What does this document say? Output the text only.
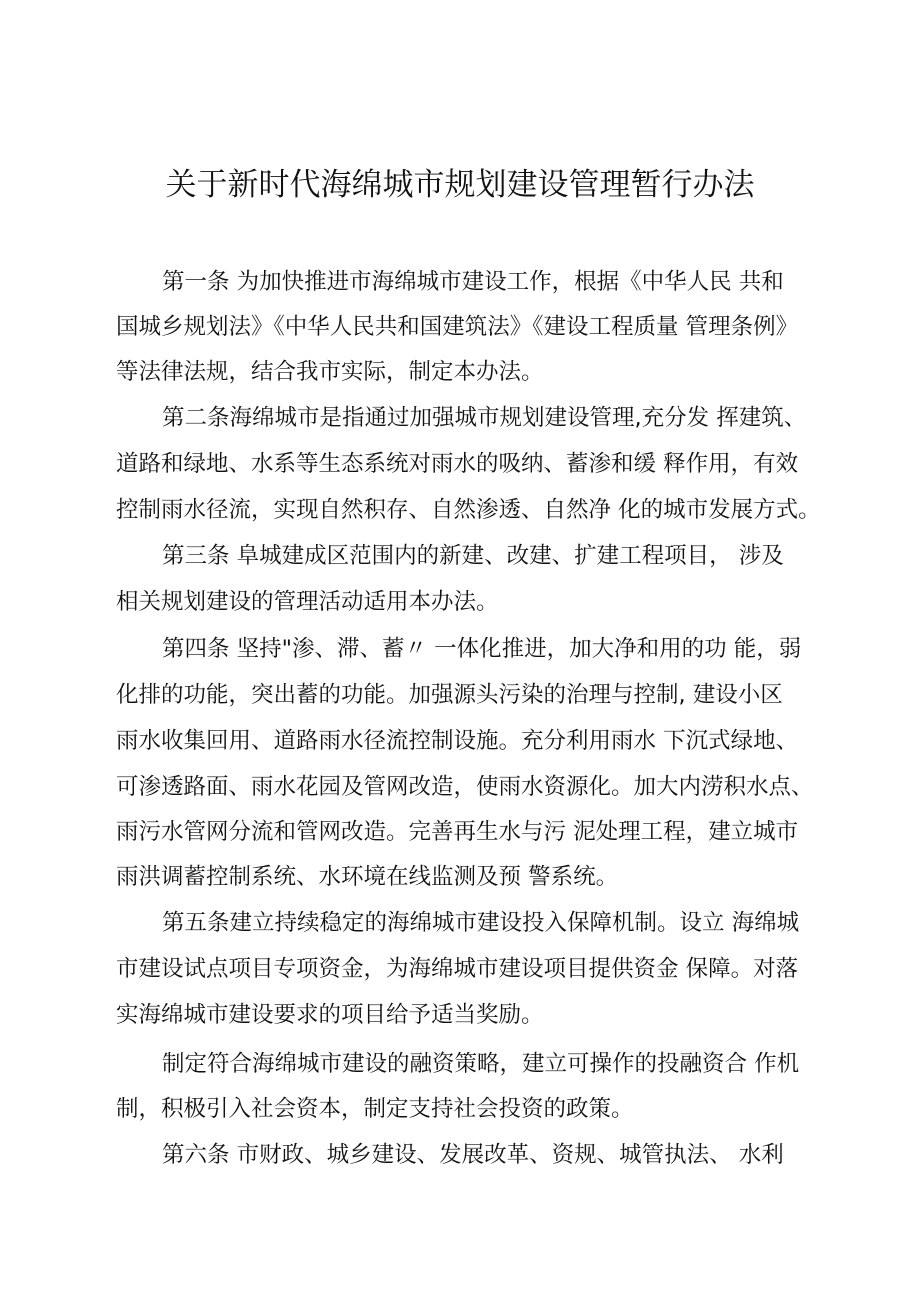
关于新时代海绵城市规划建设管理暂行办法
第一条 为加快推进市海绵城市建设工作，根据《中华人民 共和
国城乡规划法》《中华人民共和国建筑法》《建设工程质量 管理条例》
等法律法规，结合我市实际，制定本办法。
第二条海绵城市是指通过加强城市规划建设管理,充分发 挥建筑、
道路和绿地、水系等生态系统对雨水的吸纳、蓄渗和缓 释作用，有效
控制雨水径流，实现自然积存、自然渗透、自然净 化的城市发展方式。
第三条 阜城建成区范围内的新建、改建、扩建工程项目， 涉及
相关规划建设的管理活动适用本办法。
第四条 坚持"渗、滞、蓄〃 一体化推进，加大净和用的功 能，弱
化排的功能，突出蓄的功能。加强源头污染的治理与控制, 建设小区
雨水收集回用、道路雨水径流控制设施。充分利用雨水 下沉式绿地、
可渗透路面、雨水花园及管网改造，使雨水资源化。加大内涝积水点、
雨污水管网分流和管网改造。完善再生水与污 泥处理工程，建立城市
雨洪调蓄控制系统、水环境在线监测及预 警系统。
第五条建立持续稳定的海绵城市建设投入保障机制。设立 海绵城
市建设试点项目专项资金，为海绵城市建设项目提供资金 保障。对落
实海绵城市建设要求的项目给予适当奖励。
制定符合海绵城市建设的融资策略，建立可操作的投融资合 作机
制，积极引入社会资本，制定支持社会投资的政策。
第六条 市财政、城乡建设、发展改革、资规、城管执法、 水利
